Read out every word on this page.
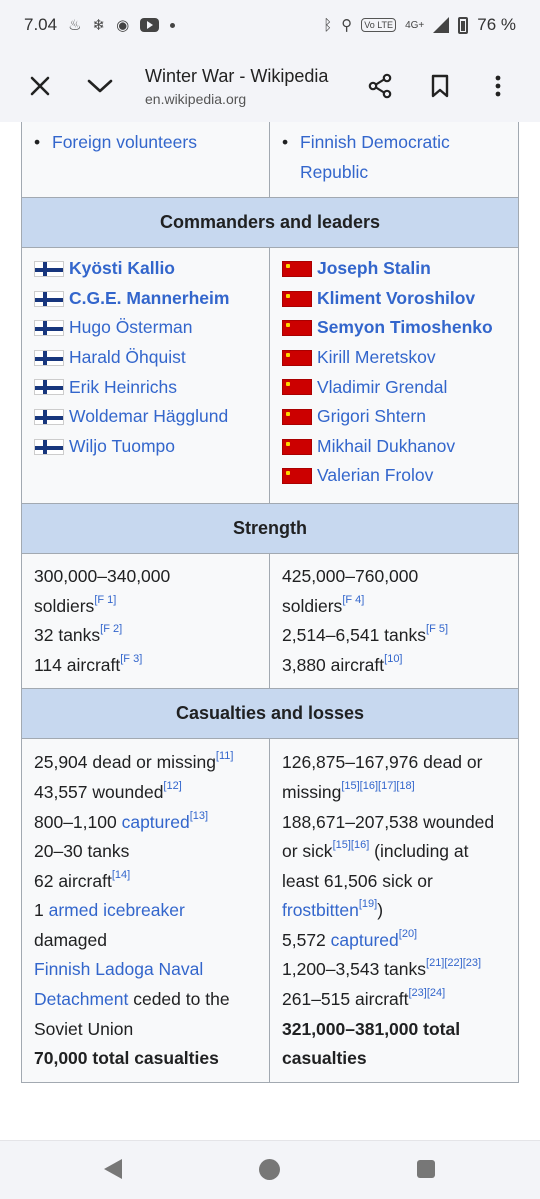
7.04 ♨ ❄ ◉	ᛒ ⚲	Vo LTE	4G+	76 %
Winter War - Wikipedia
en.wikipedia.org
• Foreign volunteers
•	Finnish Democratic Republic
Commanders and leaders
Kyösti Kallio
C.G.E. Mannerheim
Hugo Österman
Harald Öhquist
Erik Heinrichs
Woldemar Hägglund
Wiljo Tuompo
Joseph Stalin
Kliment Voroshilov
Semyon Timoshenko
Kirill Meretskov
Vladimir Grendal
Grigori Shtern
Mikhail Dukhanov
Valerian Frolov
Strength
300,000–340,000
soldiers[F 1]
32 tanks[F 2]
114 aircraft[F 3]
425,000–760,000
soldiers[F 4]
2,514–6,541 tanks[F 5]
3,880 aircraft[10]
Casualties and losses
25,904 dead or missing[11]
43,557 wounded[12]
800–1,100 captured[13]
20–30 tanks
62 aircraft[14]
1 armed icebreaker
damaged
Finnish Ladoga Naval
Detachment ceded to the
Soviet Union
70,000 total casualties
126,875–167,976 dead or
missing[15][16][17][18]
188,671–207,538 wounded
or sick[15][16] (including at
least 61,506 sick or
frostbitten[19])
5,572 captured[20]
1,200–3,543 tanks[21][22][23]
261–515 aircraft[23][24]
321,000–381,000 total
casualties
